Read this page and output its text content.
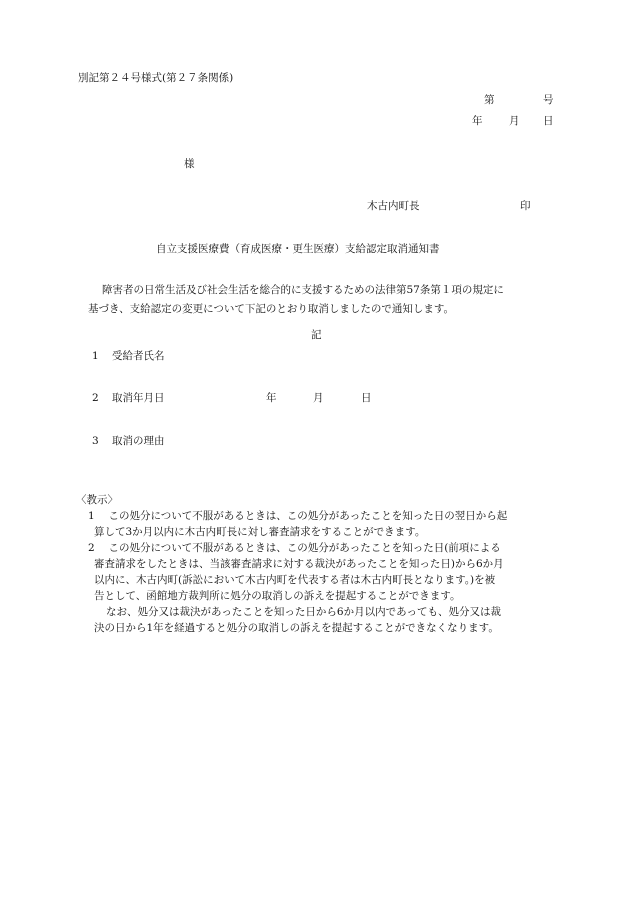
別記第２４号様式(第２７条関係)
第	号
年	月 日
様
木古内町長	印
自立支援医療費（育成医療・更生医療）支給認定取消通知書
障害者の日常生活及び社会生活を総合的に支援するための法律第57条第１項の規定に
基づき、支給認定の変更について下記のとおり取消しましたので通知します。
記
1 受給者氏名
2 取消年月日	年	月	日
3 取消の理由
〈教示〉
1　 この処分について不服があるときは、この処分があったことを知った日の翌日から起
算して3か月以内に木古内町長に対し審査請求をすることができます。
2　 この処分について不服があるときは、この処分があったことを知った日(前項による
審査請求をしたときは、当該審査請求に対する裁決があったことを知った日)から6か月
以内に、木古内町(訴訟において木古内町を代表する者は木古内町長となります。)を被
告として、函館地方裁判所に処分の取消しの訴えを提起することができます。
なお、処分又は裁決があったことを知った日から6か月以内であっても、処分又は裁
決の日から1年を経過すると処分の取消しの訴えを提起することができなくなります。
